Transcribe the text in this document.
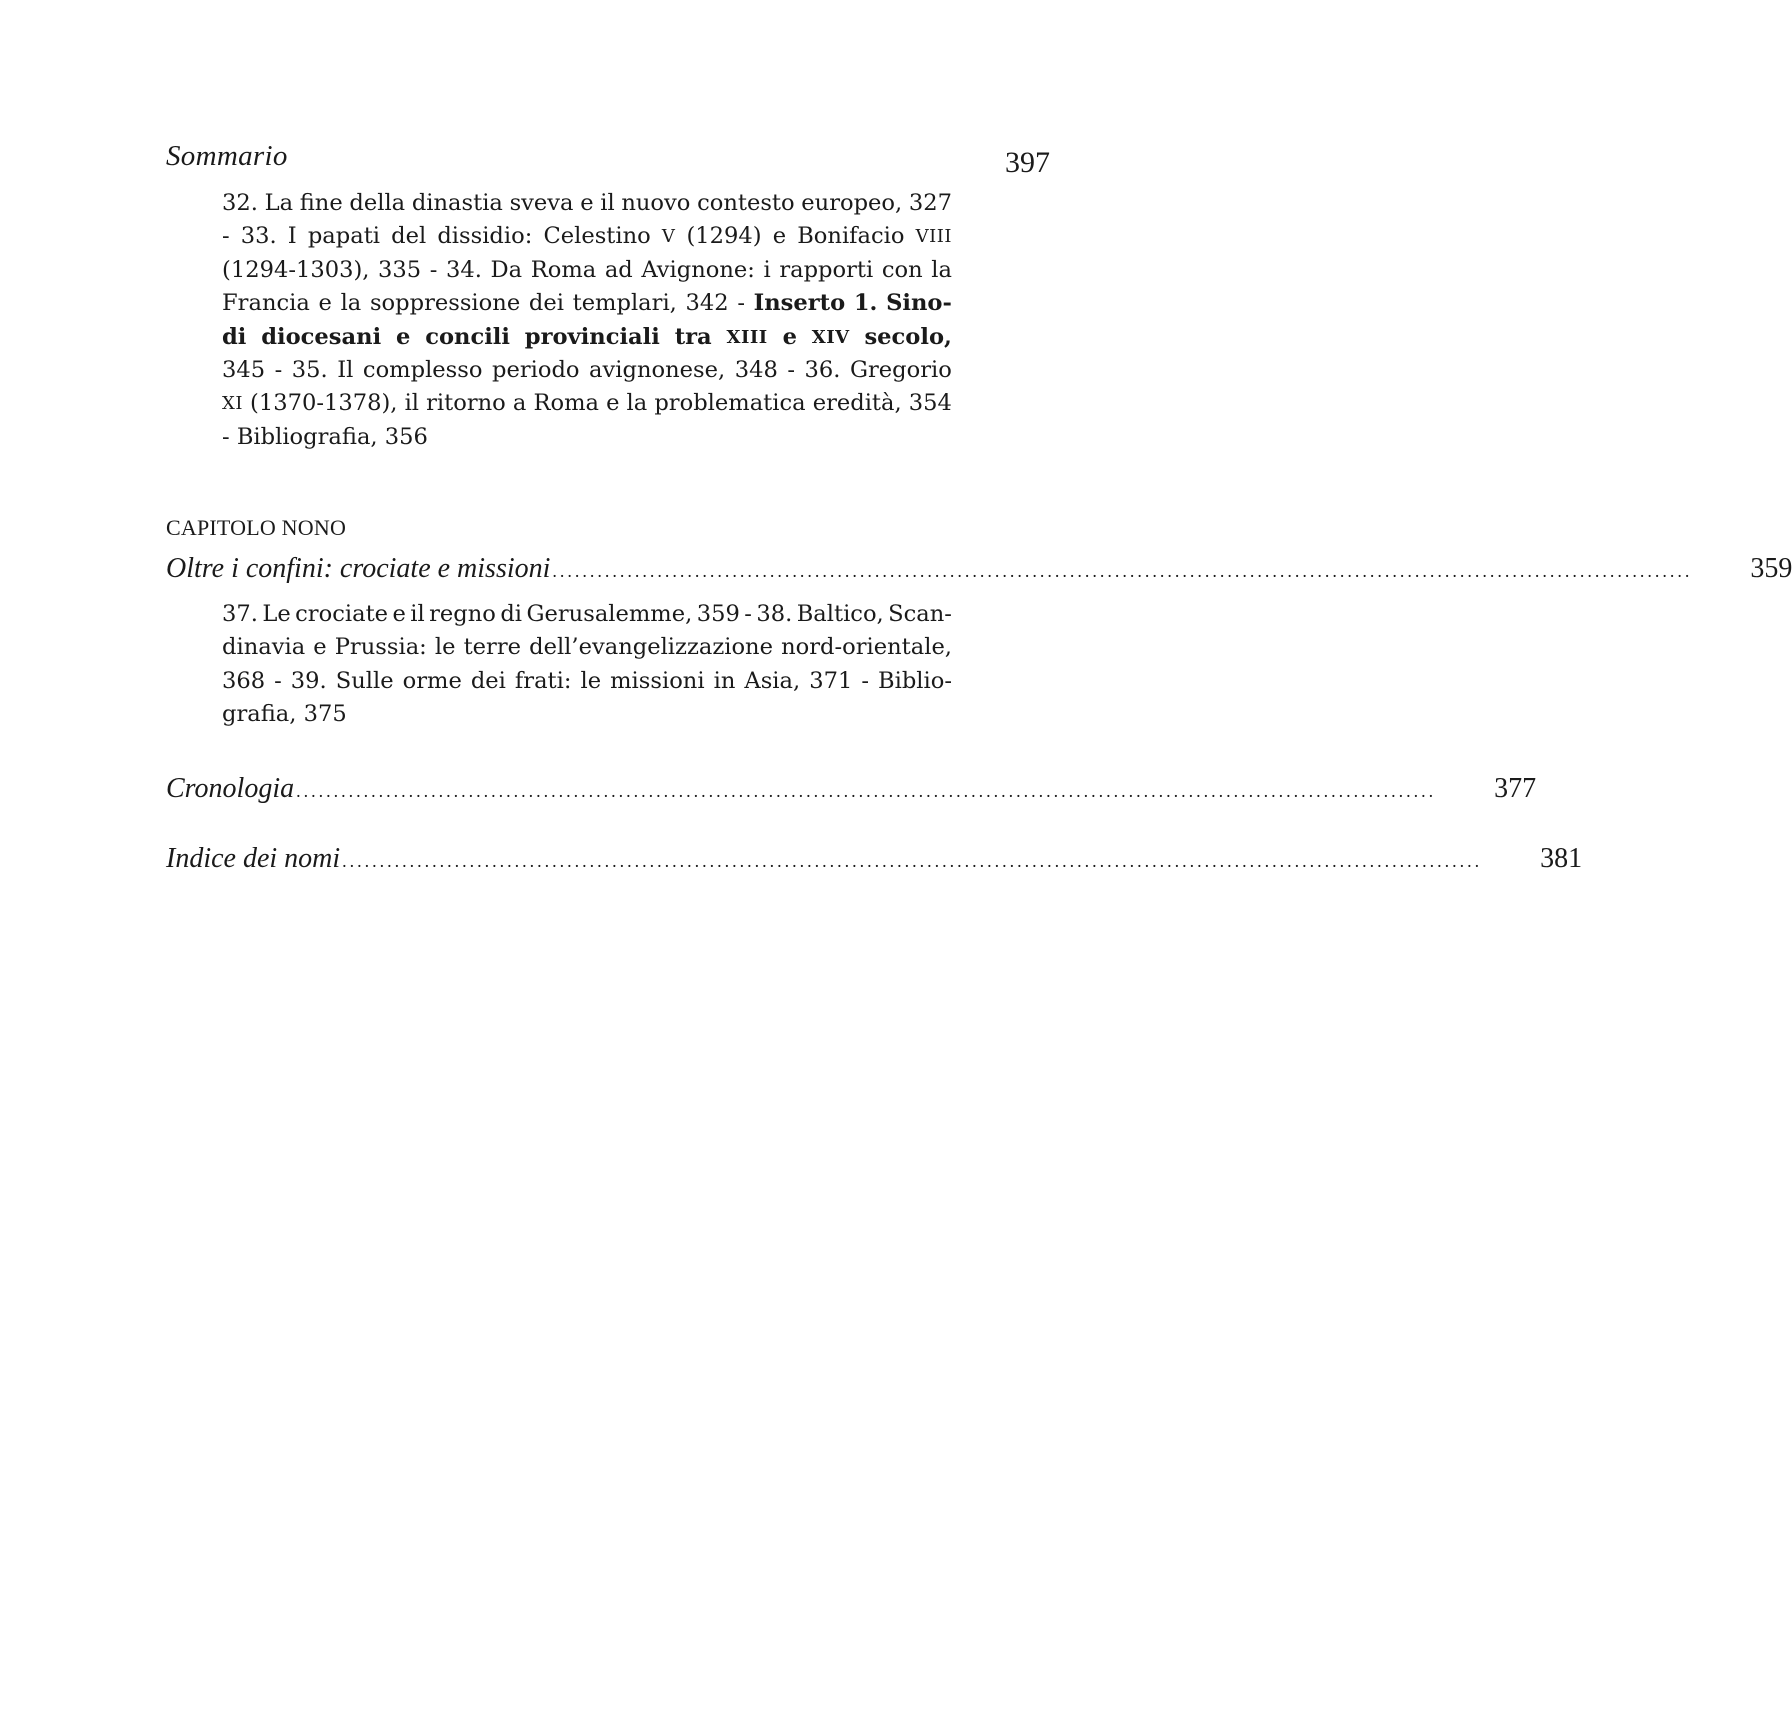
Sommario	397
32. La fine della dinastia sveva e il nuovo contesto europeo, 327
- 33. I papati del dissidio: Celestino V (1294) e Bonifacio VIII
(1294-1303), 335 - 34. Da Roma ad Avignone: i rapporti con la
Francia e la soppressione dei templari, 342 - Inserto 1. Sino-
di diocesani e concili provinciali tra XIII e XIV secolo,
345 - 35. Il complesso periodo avignonese, 348 - 36. Gregorio
XI (1370-1378), il ritorno a Roma e la problematica eredità, 354
- Bibliografia, 356
CAPITOLO NONO
Oltre i confini: crociate e missioni ........................................................................................................................................................ 359
37. Le crociate e il regno di Gerusalemme, 359 - 38. Baltico, Scan-
dinavia e Prussia: le terre dell’evangelizzazione nord-orientale,
368 - 39. Sulle orme dei frati: le missioni in Asia, 371 - Biblio-
grafia, 375
Cronologia ........................................................................................................................................................ 377
Indice dei nomi ........................................................................................................................................................ 381
